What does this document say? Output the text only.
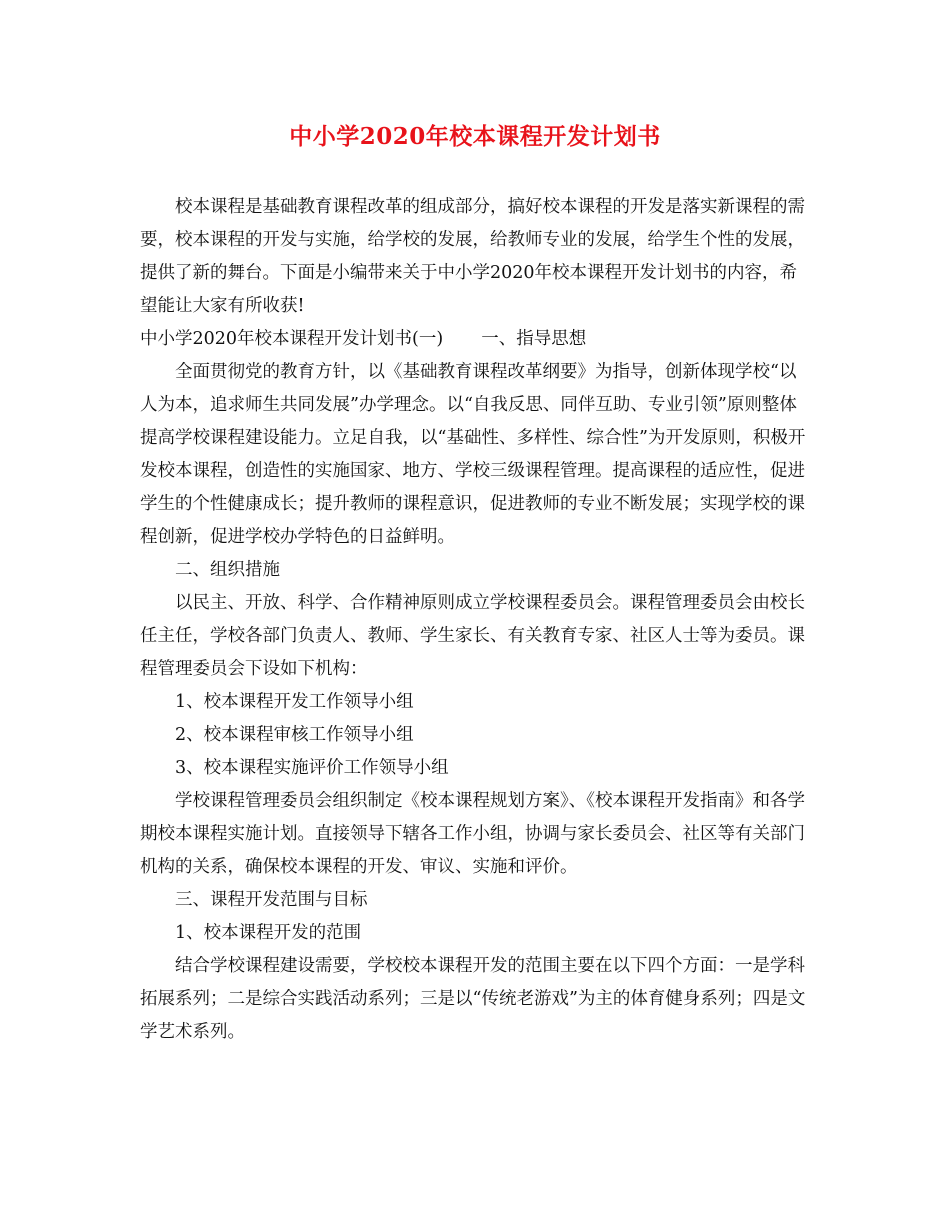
中小学2020年校本课程开发计划书

校本课程是基础教育课程改革的组成部分，搞好校本课程的开发是落实新课程的需要，校本课程的开发与实施，给学校的发展，给教师专业的发展，给学生个性的发展，提供了新的舞台。下面是小编带来关于中小学2020年校本课程开发计划书的内容，希望能让大家有所收获!

中小学2020年校本课程开发计划书(一) 一、指导思想

全面贯彻党的教育方针，以《基础教育课程改革纲要》为指导，创新体现学校“以人为本，追求师生共同发展”办学理念。以“自我反思、同伴互助、专业引领”原则整体提高学校课程建设能力。立足自我，以“基础性、多样性、综合性”为开发原则，积极开发校本课程，创造性的实施国家、地方、学校三级课程管理。提高课程的适应性，促进学生的个性健康成长；提升教师的课程意识，促进教师的专业不断发展；实现学校的课程创新，促进学校办学特色的日益鲜明。

二、组织措施

以民主、开放、科学、合作精神原则成立学校课程委员会。课程管理委员会由校长任主任，学校各部门负责人、教师、学生家长、有关教育专家、社区人士等为委员。课程管理委员会下设如下机构：

1、校本课程开发工作领导小组

2、校本课程审核工作领导小组

3、校本课程实施评价工作领导小组

学校课程管理委员会组织制定《校本课程规划方案》、《校本课程开发指南》和各学期校本课程实施计划。直接领导下辖各工作小组，协调与家长委员会、社区等有关部门机构的关系，确保校本课程的开发、审议、实施和评价。

三、课程开发范围与目标

1、校本课程开发的范围

结合学校课程建设需要，学校校本课程开发的范围主要在以下四个方面：一是学科拓展系列；二是综合实践活动系列；三是以“传统老游戏”为主的体育健身系列；四是文学艺术系列。
